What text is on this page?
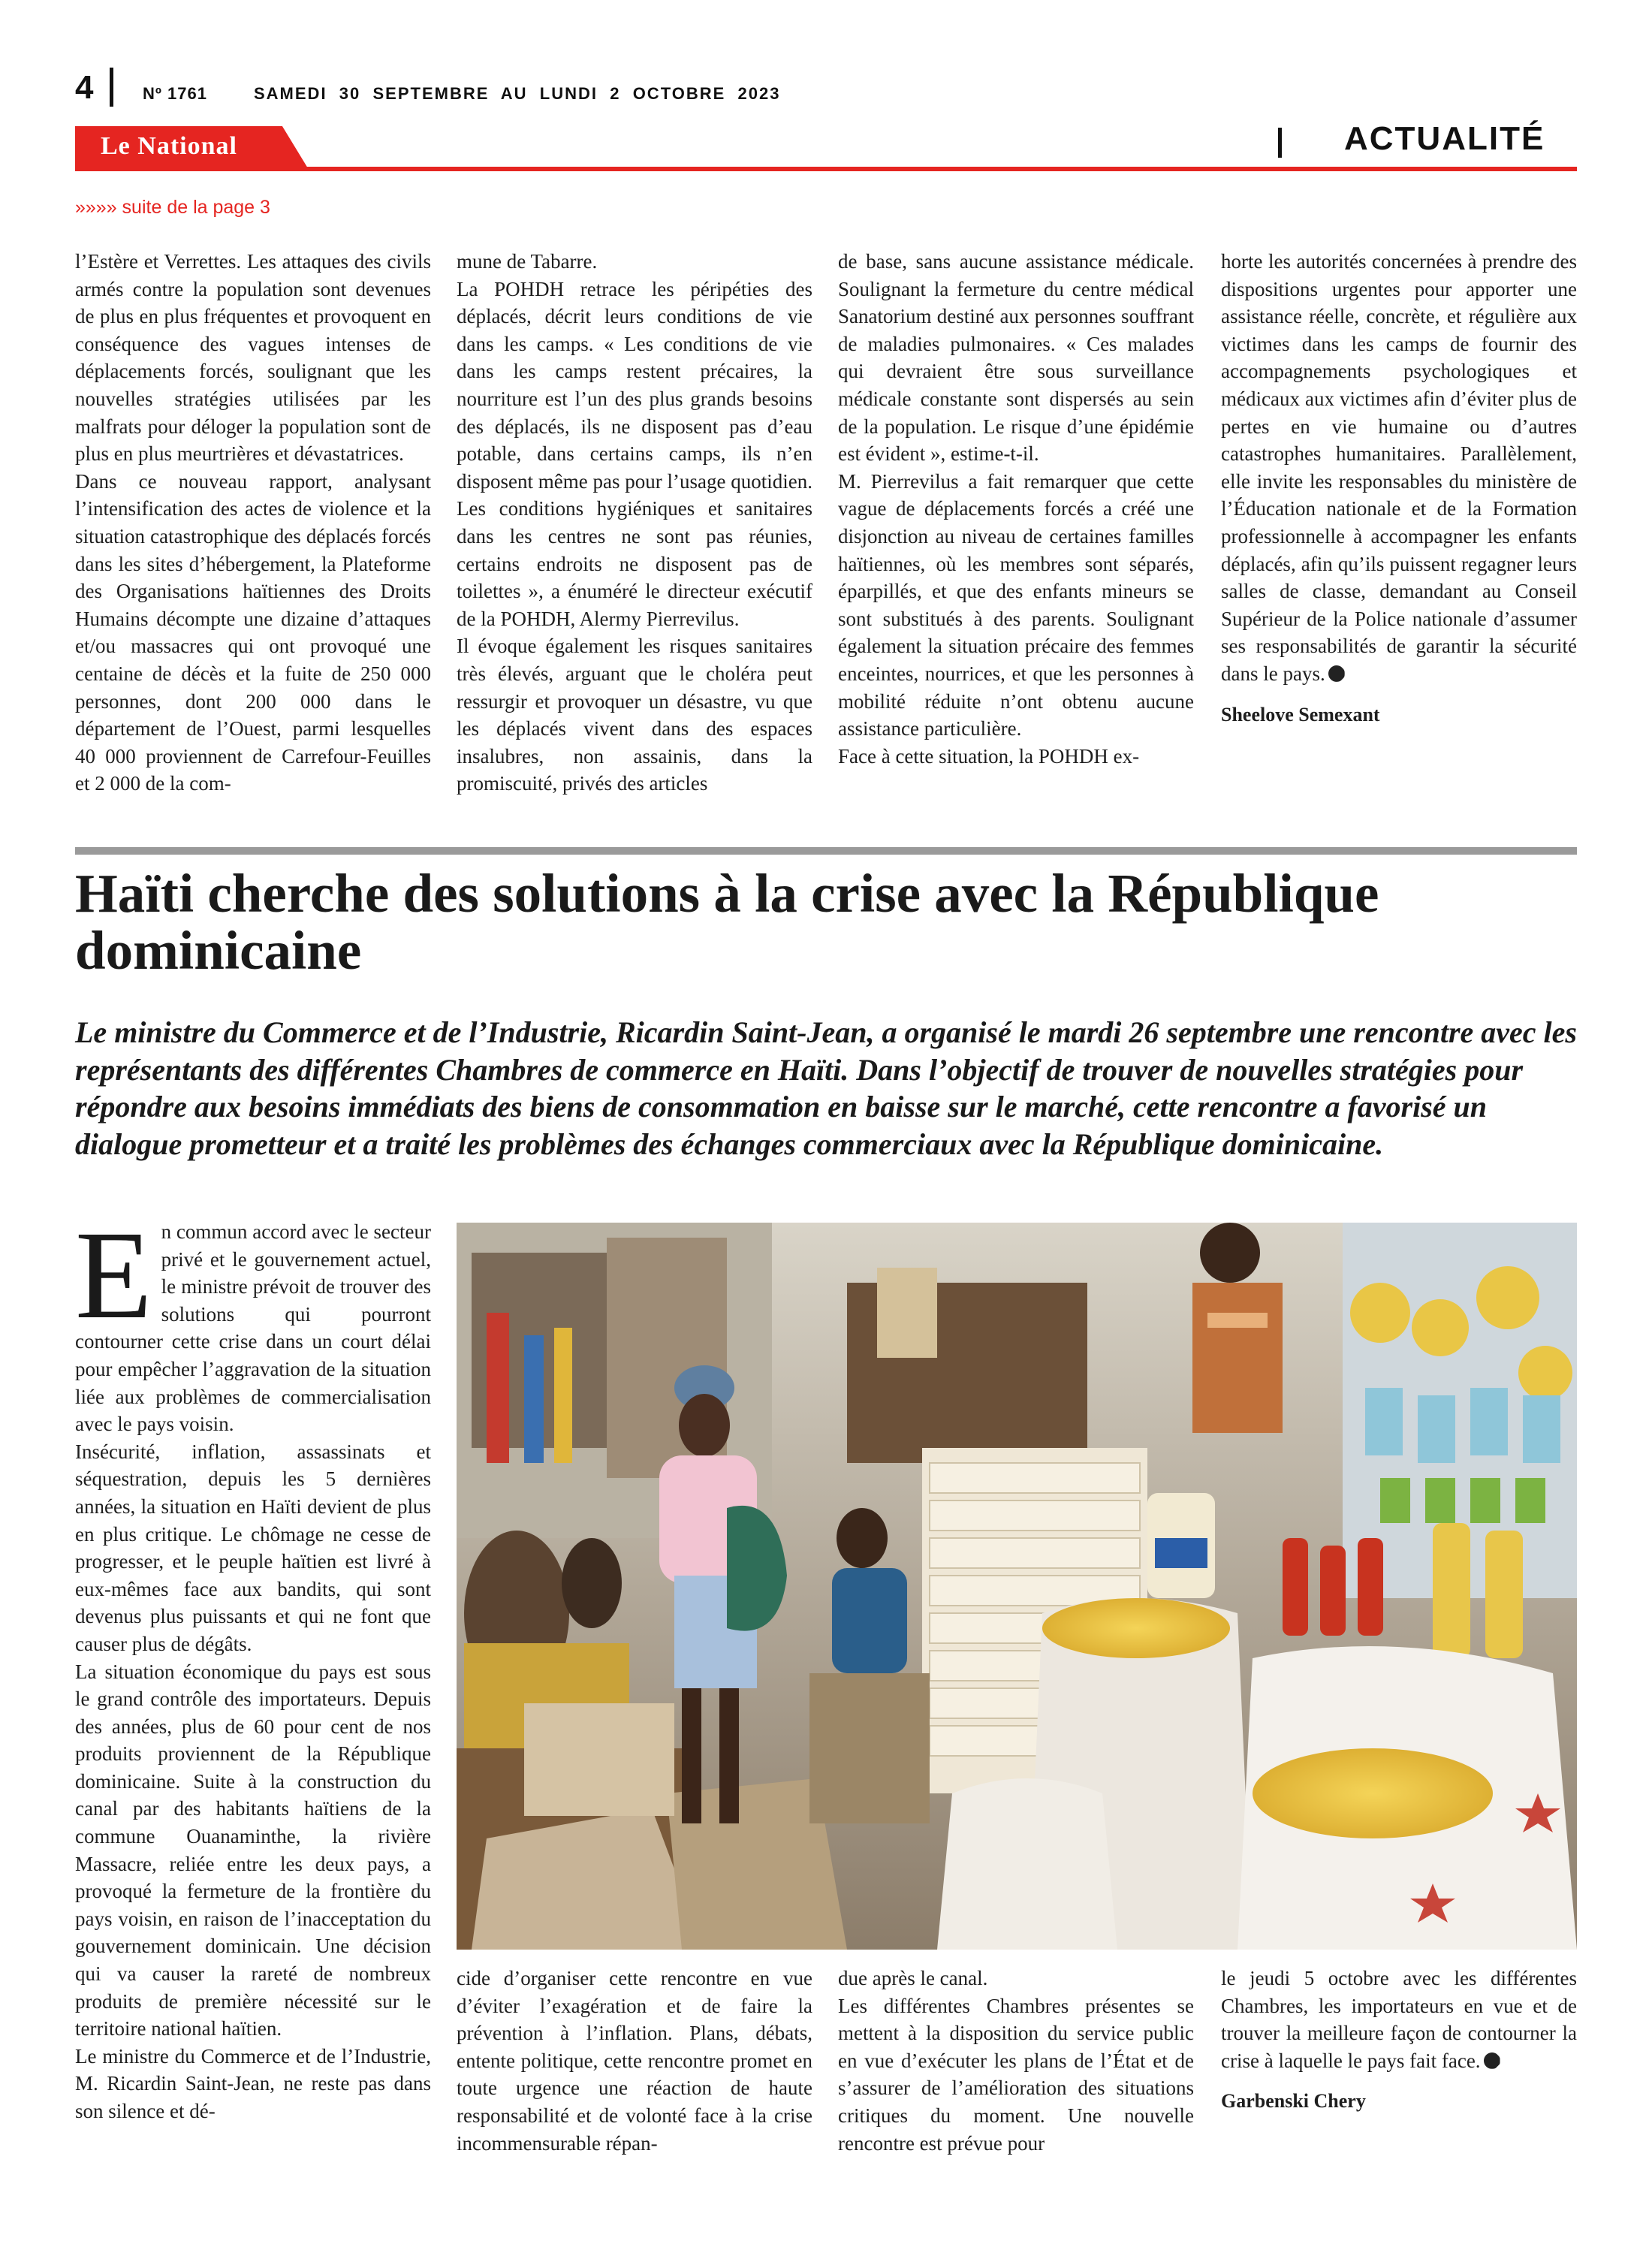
4	Nº 1761	SAMEDI  30  SEPTEMBRE  AU  LUNDI  2  OCTOBRE  2023
Le National	ACTUALITÉ
»»»» suite de la page 3

l’Estère et Verrettes. Les attaques des civils armés contre la population sont devenues de plus en plus fréquentes et provoquent en conséquence des vagues intenses de déplacements forcés, soulignant que les nouvelles stratégies utilisées par les malfrats pour déloger la population sont de plus en plus meurtrières et dévastatrices.

Dans ce nouveau rapport, analysant l’intensification des actes de violence et la situation catastrophique des déplacés forcés dans les sites d’hébergement, la Plateforme des Organisations haïtiennes des Droits Humains décompte une dizaine d’attaques et/ou massacres qui ont provoqué une centaine de décès et la fuite de 250 000 personnes, dont 200 000 dans le département de l’Ouest, parmi lesquelles 40 000 proviennent de Carrefour-Feuilles et 2 000 de la com-

mune de Tabarre.

La POHDH retrace les péripéties des déplacés, décrit leurs conditions de vie dans les camps. « Les conditions de vie dans les camps restent précaires, la nourriture est l’un des plus grands besoins des déplacés, ils ne disposent pas d’eau potable, dans certains camps, ils n’en disposent même pas pour l’usage quotidien. Les conditions hygiéniques et sanitaires dans les centres ne sont pas réunies, certains endroits ne disposent pas de toilettes », a énuméré le directeur exécutif de la POHDH, Alermy Pierrevilus.

Il évoque également les risques sanitaires très élevés, arguant que le choléra peut ressurgir et provoquer un désastre, vu que les déplacés vivent dans des espaces insalubres, non assainis, dans la promiscuité, privés des articles

de base, sans aucune assistance médicale. Soulignant la fermeture du centre médical Sanatorium destiné aux personnes souffrant de maladies pulmonaires. « Ces malades qui devraient être sous surveillance médicale constante sont dispersés au sein de la population. Le risque d’une épidémie est évident », estime-t-il.

M. Pierrevilus a fait remarquer que cette vague de déplacements forcés a créé une disjonction au niveau de certaines familles haïtiennes, où les membres sont séparés, éparpillés, et que des enfants mineurs se sont substitués à des parents. Soulignant également la situation précaire des femmes enceintes, nourrices, et que les personnes à mobilité réduite n’ont obtenu aucune assistance particulière.

Face à cette situation, la POHDH ex-

horte les autorités concernées à prendre des dispositions urgentes pour apporter une assistance réelle, concrète, et régulière aux victimes dans les camps de fournir des accompagnements psychologiques et médicaux aux victimes afin d’éviter plus de pertes en vie humaine ou d’autres catastrophes humanitaires. Parallèlement, elle invite les responsables du ministère de l’Éducation nationale et de la Formation professionnelle à accompagner les enfants déplacés, afin qu’ils puissent regagner leurs salles de classe, demandant au Conseil Supérieur de la Police nationale d’assumer ses responsabilités de garantir la sécurité dans le pays.

Sheelove Semexant

Haïti cherche des solutions à la crise avec la République dominicaine
Le ministre du Commerce et de l’Industrie, Ricardin Saint-Jean, a organisé le mardi 26 septembre une rencontre avec les représentants des différentes Chambres de commerce en Haïti. Dans l’objectif de trouver de nouvelles stratégies pour répondre aux besoins immédiats des biens de consommation en baisse sur le marché, cette rencontre a favorisé un dialogue prometteur et a traité les problèmes des échanges commerciaux avec la République dominicaine.

En commun accord avec le secteur privé et le gouvernement actuel, le ministre prévoit de trouver des solutions qui pourront contourner cette crise dans un court délai pour empêcher l’aggravation de la situation liée aux problèmes de commercialisation avec le pays voisin.

Insécurité, inflation, assassinats et séquestration, depuis les 5 dernières années, la situation en Haïti devient de plus en plus critique. Le chômage ne cesse de progresser, et le peuple haïtien est livré à eux-mêmes face aux bandits, qui sont devenus plus puissants et qui ne font que causer plus de dégâts.

La situation économique du pays est sous le grand contrôle des importateurs. Depuis des années, plus de 60 pour cent de nos produits proviennent de la République dominicaine. Suite à la construction du canal par des habitants haïtiens de la commune Ouanaminthe, la rivière Massacre, reliée entre les deux pays, a provoqué la fermeture de la frontière du pays voisin, en raison de l’inacceptation du gouvernement dominicain. Une décision qui va causer la rareté de nombreux produits de première nécessité sur le territoire national haïtien.

Le ministre du Commerce et de l’Industrie, M. Ricardin Saint-Jean, ne reste pas dans son silence et dé-

cide d’organiser cette rencontre en vue d’éviter l’exagération et de faire la prévention à l’inflation. Plans, débats, entente politique, cette rencontre promet en toute urgence une réaction de haute responsabilité et de volonté face à la crise incommensurable répan-

due après le canal.

Les différentes Chambres présentes se mettent à la disposition du service public en vue d’exécuter les plans de l’État et de s’assurer de l’amélioration des situations critiques du moment. Une nouvelle rencontre est prévue pour

le jeudi 5 octobre avec les différentes Chambres, les importateurs en vue et de trouver la meilleure façon de contourner la crise à laquelle le pays fait face.

Garbenski Chery
